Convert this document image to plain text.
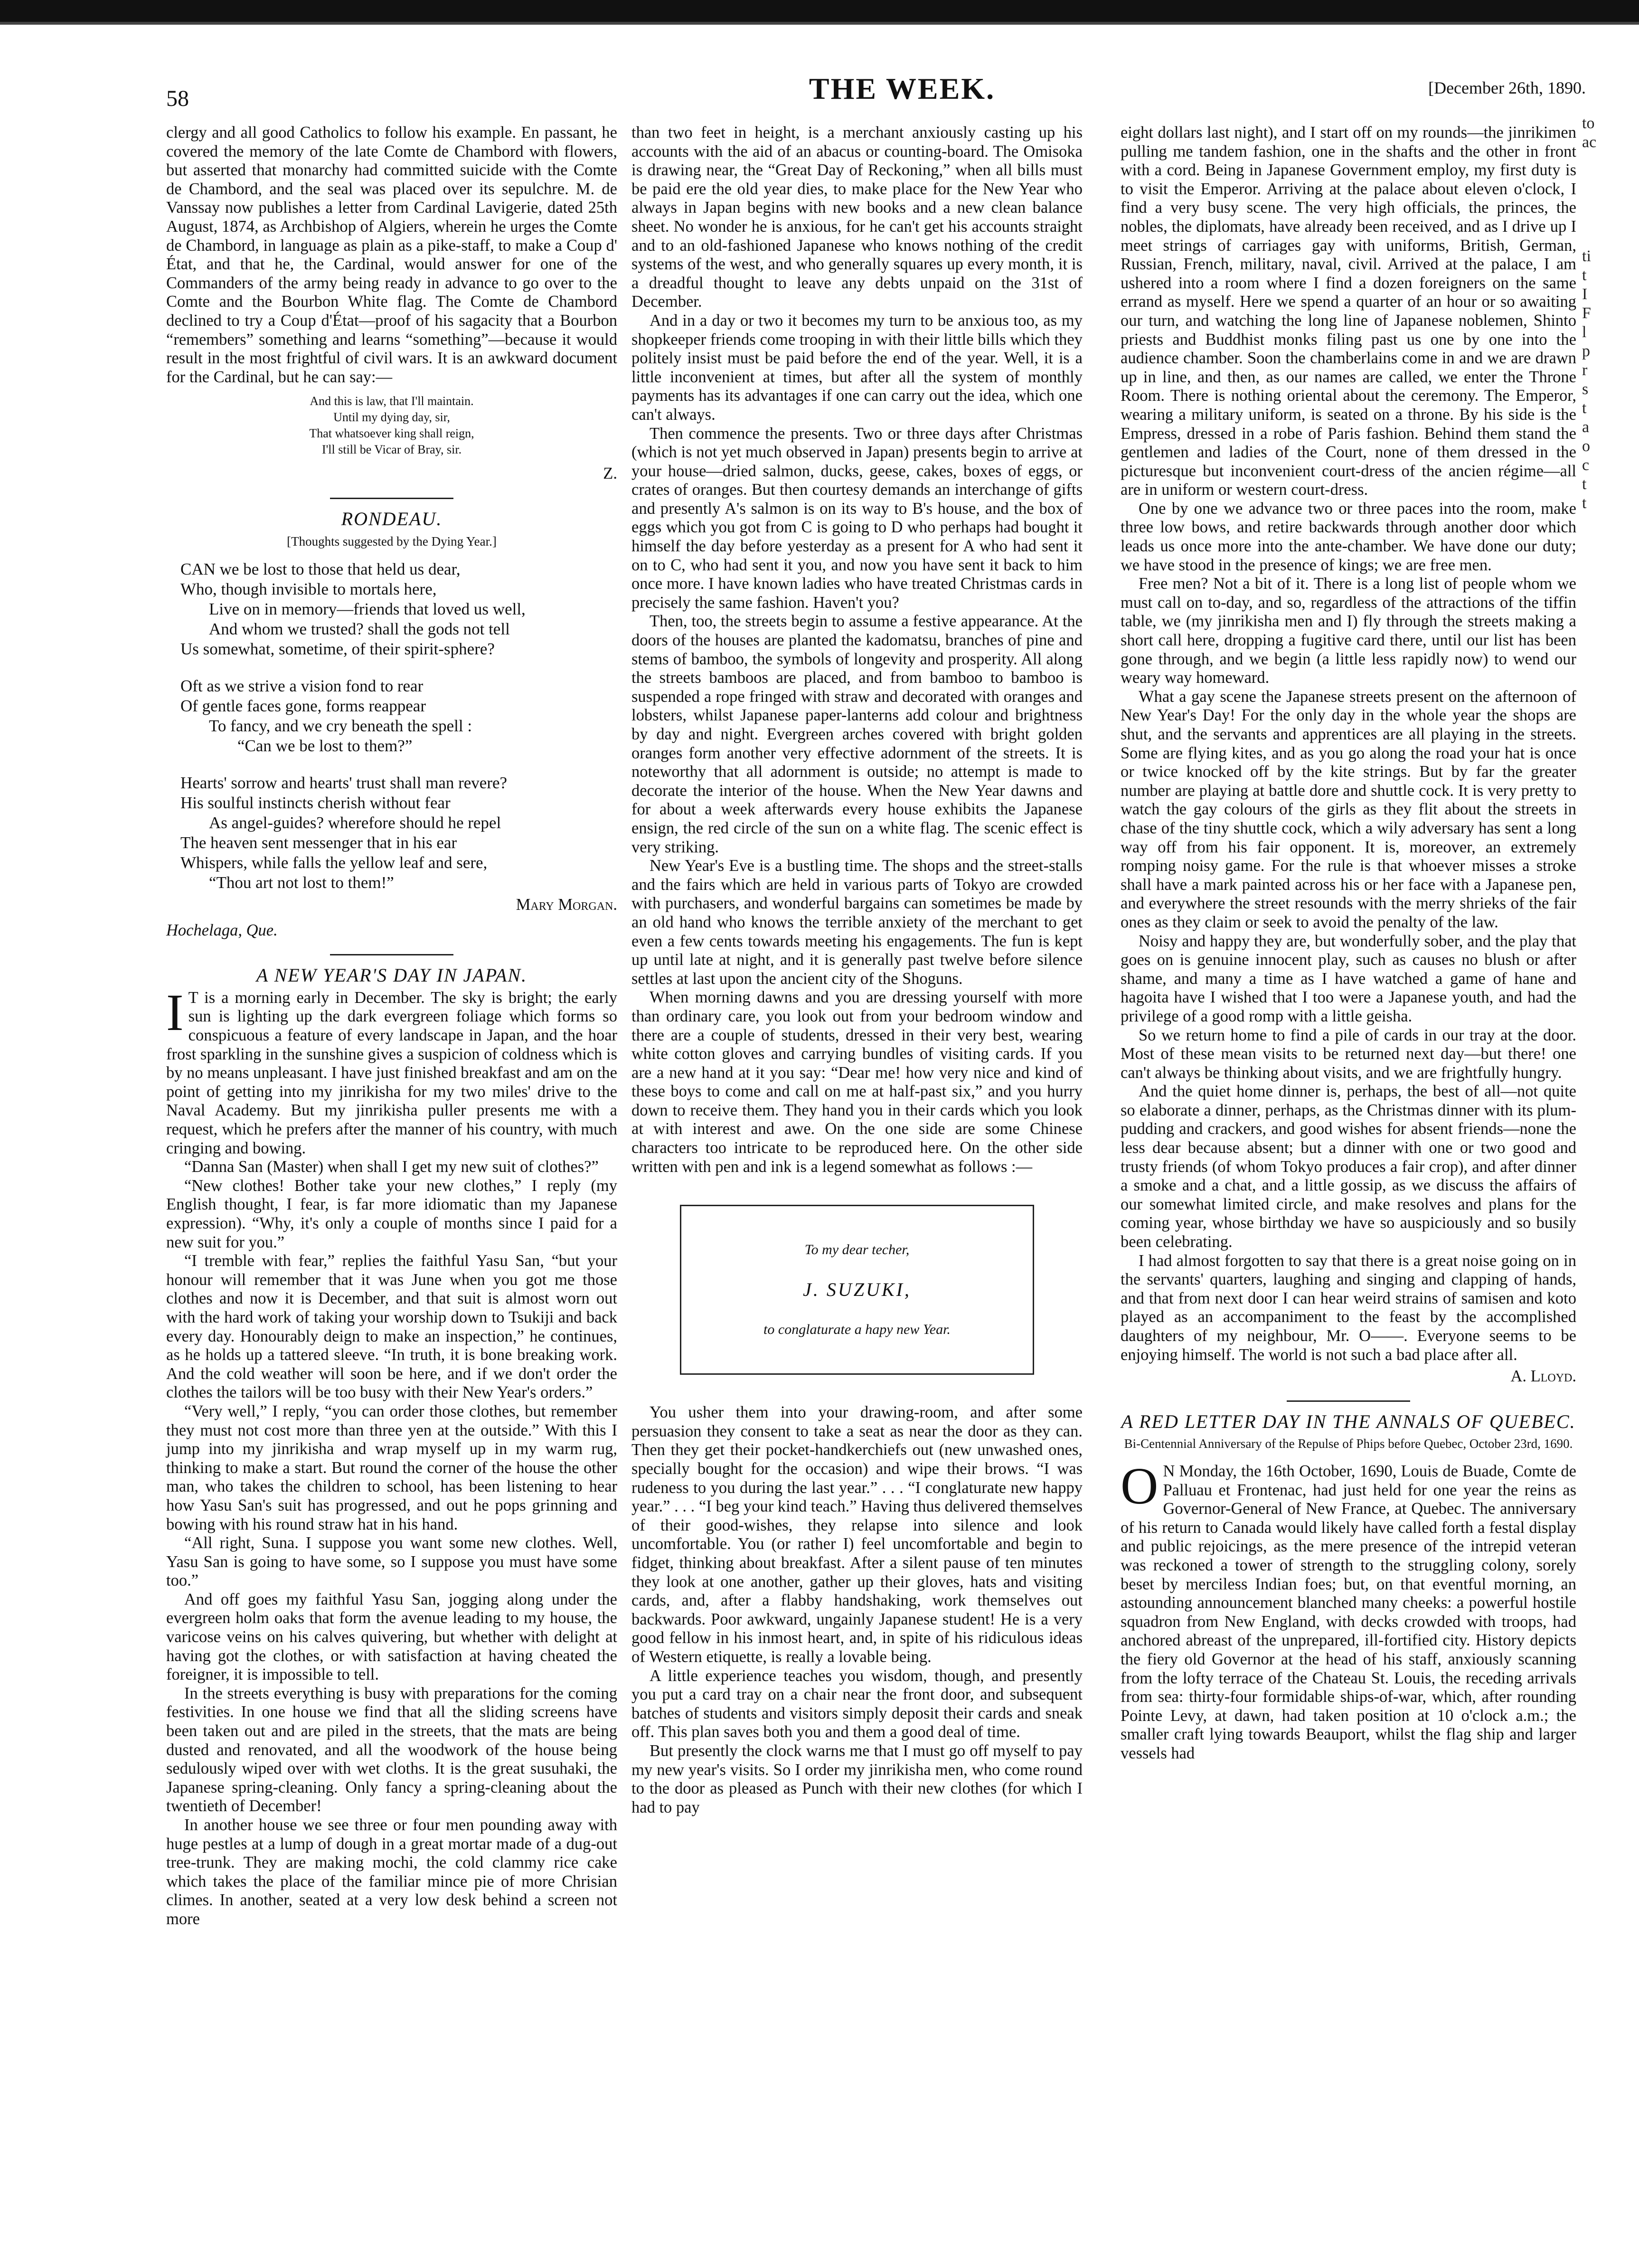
58	THE WEEK.	[December 26th, 1890.

clergy and all good Catholics to follow his example. En passant, he covered the memory of the late Comte de Chambord with flowers, but asserted that monarchy had committed suicide with the Comte de Chambord, and the seal was placed over its sepulchre. M. de Vanssay now publishes a letter from Cardinal Lavigerie, dated 25th August, 1874, as Archbishop of Algiers, wherein he urges the Comte de Chambord, in language as plain as a pike-staff, to make a Coup d' État, and that he, the Cardinal, would answer for one of the Commanders of the army being ready in advance to go over to the Comte and the Bourbon White flag. The Comte de Chambord declined to try a Coup d'État—proof of his sagacity that a Bourbon “remembers” something and learns “something”—because it would result in the most frightful of civil wars. It is an awkward document for the Cardinal, but he can say:—

And this is law, that I'll maintain.
Until my dying day, sir,
That whatsoever king shall reign,
I'll still be Vicar of Bray, sir.
Z.
RONDEAU.
[Thoughts suggested by the Dying Year.]
CAN we be lost to those that held us dear,
Who, though invisible to mortals here,
Live on in memory—friends that loved us well,
And whom we trusted? shall the gods not tell
Us somewhat, sometime, of their spirit-sphere?
Oft as we strive a vision fond to rear
Of gentle faces gone, forms reappear
To fancy, and we cry beneath the spell :
“Can we be lost to them?”
Hearts' sorrow and hearts' trust shall man revere?
His soulful instincts cherish without fear
As angel-guides? wherefore should he repel
The heaven sent messenger that in his ear
Whispers, while falls the yellow leaf and sere,
“Thou art not lost to them!”
Mary Morgan.
Hochelaga, Que.
A NEW YEAR'S DAY IN JAPAN.

I T is a morning early in December. The sky is bright; the early sun is lighting up the dark evergreen foliage which forms so conspicuous a feature of every landscape in Japan, and the hoar frost sparkling in the sunshine gives a suspicion of coldness which is by no means unpleasant. I have just finished breakfast and am on the point of getting into my jinrikisha for my two miles' drive to the Naval Academy. But my jinrikisha puller presents me with a request, which he prefers after the manner of his country, with much cringing and bowing.

“Danna San (Master) when shall I get my new suit of clothes?”

“New clothes! Bother take your new clothes,” I reply (my English thought, I fear, is far more idiomatic than my Japanese expression). “Why, it's only a couple of months since I paid for a new suit for you.”

“I tremble with fear,” replies the faithful Yasu San, “but your honour will remember that it was June when you got me those clothes and now it is December, and that suit is almost worn out with the hard work of taking your worship down to Tsukiji and back every day. Honourably deign to make an inspection,” he continues, as he holds up a tattered sleeve. “In truth, it is bone breaking work. And the cold weather will soon be here, and if we don't order the clothes the tailors will be too busy with their New Year's orders.”

“Very well,” I reply, “you can order those clothes, but remember they must not cost more than three yen at the outside.” With this I jump into my jinrikisha and wrap myself up in my warm rug, thinking to make a start. But round the corner of the house the other man, who takes the children to school, has been listening to hear how Yasu San's suit has progressed, and out he pops grinning and bowing with his round straw hat in his hand.

“All right, Suna. I suppose you want some new clothes. Well, Yasu San is going to have some, so I suppose you must have some too.”

And off goes my faithful Yasu San, jogging along under the evergreen holm oaks that form the avenue leading to my house, the varicose veins on his calves quivering, but whether with delight at having got the clothes, or with satisfaction at having cheated the foreigner, it is impossible to tell.

In the streets everything is busy with preparations for the coming festivities. In one house we find that all the sliding screens have been taken out and are piled in the streets, that the mats are being dusted and renovated, and all the woodwork of the house being sedulously wiped over with wet cloths. It is the great susuhaki, the Japanese spring-cleaning. Only fancy a spring-cleaning about the twentieth of December!

In another house we see three or four men pounding away with huge pestles at a lump of dough in a great mortar made of a dug-out tree-trunk. They are making mochi, the cold clammy rice cake which takes the place of the familiar mince pie of more Chrisian climes. In another, seated at a very low desk behind a screen not more

than two feet in height, is a merchant anxiously casting up his accounts with the aid of an abacus or counting-board. The Omisoka is drawing near, the “Great Day of Reckoning,” when all bills must be paid ere the old year dies, to make place for the New Year who always in Japan begins with new books and a new clean balance sheet. No wonder he is anxious, for he can't get his accounts straight and to an old-fashioned Japanese who knows nothing of the credit systems of the west, and who generally squares up every month, it is a dreadful thought to leave any debts unpaid on the 31st of December.

And in a day or two it becomes my turn to be anxious too, as my shopkeeper friends come trooping in with their little bills which they politely insist must be paid before the end of the year. Well, it is a little inconvenient at times, but after all the system of monthly payments has its advantages if one can carry out the idea, which one can't always.

Then commence the presents. Two or three days after Christmas (which is not yet much observed in Japan) presents begin to arrive at your house—dried salmon, ducks, geese, cakes, boxes of eggs, or crates of oranges. But then courtesy demands an interchange of gifts and presently A's salmon is on its way to B's house, and the box of eggs which you got from C is going to D who perhaps had bought it himself the day before yesterday as a present for A who had sent it on to C, who had sent it you, and now you have sent it back to him once more. I have known ladies who have treated Christmas cards in precisely the same fashion. Haven't you?

Then, too, the streets begin to assume a festive appearance. At the doors of the houses are planted the kadomatsu, branches of pine and stems of bamboo, the symbols of longevity and prosperity. All along the streets bamboos are placed, and from bamboo to bamboo is suspended a rope fringed with straw and decorated with oranges and lobsters, whilst Japanese paper-lanterns add colour and brightness by day and night. Evergreen arches covered with bright golden oranges form another very effective adornment of the streets. It is noteworthy that all adornment is outside; no attempt is made to decorate the interior of the house. When the New Year dawns and for about a week afterwards every house exhibits the Japanese ensign, the red circle of the sun on a white flag. The scenic effect is very striking.

New Year's Eve is a bustling time. The shops and the street-stalls and the fairs which are held in various parts of Tokyo are crowded with purchasers, and wonderful bargains can sometimes be made by an old hand who knows the terrible anxiety of the merchant to get even a few cents towards meeting his engagements. The fun is kept up until late at night, and it is generally past twelve before silence settles at last upon the ancient city of the Shoguns.

When morning dawns and you are dressing yourself with more than ordinary care, you look out from your bedroom window and there are a couple of students, dressed in their very best, wearing white cotton gloves and carrying bundles of visiting cards. If you are a new hand at it you say: “Dear me! how very nice and kind of these boys to come and call on me at half-past six,” and you hurry down to receive them. They hand you in their cards which you look at with interest and awe. On the one side are some Chinese characters too intricate to be reproduced here. On the other side written with pen and ink is a legend somewhat as follows :—

To my dear techer,
J. SUZUKI,
to conglaturate a hapy new Year.

You usher them into your drawing-room, and after some persuasion they consent to take a seat as near the door as they can. Then they get their pocket-handkerchiefs out (new unwashed ones, specially bought for the occasion) and wipe their brows. “I was rudeness to you during the last year.” . . . “I conglaturate new happy year.” . . . “I beg your kind teach.” Having thus delivered themselves of their good-wishes, they relapse into silence and look uncomfortable. You (or rather I) feel uncomfortable and begin to fidget, thinking about breakfast. After a silent pause of ten minutes they look at one another, gather up their gloves, hats and visiting cards, and, after a flabby handshaking, work themselves out backwards. Poor awkward, ungainly Japanese student! He is a very good fellow in his inmost heart, and, in spite of his ridiculous ideas of Western etiquette, is really a lovable being.

A little experience teaches you wisdom, though, and presently you put a card tray on a chair near the front door, and subsequent batches of students and visitors simply deposit their cards and sneak off. This plan saves both you and them a good deal of time.

But presently the clock warns me that I must go off myself to pay my new year's visits. So I order my jinrikisha men, who come round to the door as pleased as Punch with their new clothes (for which I had to pay

eight dollars last night), and I start off on my rounds—the jinrikimen pulling me tandem fashion, one in the shafts and the other in front with a cord. Being in Japanese Government employ, my first duty is to visit the Emperor. Arriving at the palace about eleven o'clock, I find a very busy scene. The very high officials, the princes, the nobles, the diplomats, have already been received, and as I drive up I meet strings of carriages gay with uniforms, British, German, Russian, French, military, naval, civil. Arrived at the palace, I am ushered into a room where I find a dozen foreigners on the same errand as myself. Here we spend a quarter of an hour or so awaiting our turn, and watching the long line of Japanese noblemen, Shinto priests and Buddhist monks filing past us one by one into the audience chamber. Soon the chamberlains come in and we are drawn up in line, and then, as our names are called, we enter the Throne Room. There is nothing oriental about the ceremony. The Emperor, wearing a military uniform, is seated on a throne. By his side is the Empress, dressed in a robe of Paris fashion. Behind them stand the gentlemen and ladies of the Court, none of them dressed in the picturesque but inconvenient court-dress of the ancien régime—all are in uniform or western court-dress.

One by one we advance two or three paces into the room, make three low bows, and retire backwards through another door which leads us once more into the ante-chamber. We have done our duty; we have stood in the presence of kings; we are free men.

Free men? Not a bit of it. There is a long list of people whom we must call on to-day, and so, regardless of the attractions of the tiffin table, we (my jinrikisha men and I) fly through the streets making a short call here, dropping a fugitive card there, until our list has been gone through, and we begin (a little less rapidly now) to wend our weary way homeward.

What a gay scene the Japanese streets present on the afternoon of New Year's Day! For the only day in the whole year the shops are shut, and the servants and apprentices are all playing in the streets. Some are flying kites, and as you go along the road your hat is once or twice knocked off by the kite strings. But by far the greater number are playing at battle dore and shuttle cock. It is very pretty to watch the gay colours of the girls as they flit about the streets in chase of the tiny shuttle cock, which a wily adversary has sent a long way off from his fair opponent. It is, moreover, an extremely romping noisy game. For the rule is that whoever misses a stroke shall have a mark painted across his or her face with a Japanese pen, and everywhere the street resounds with the merry shrieks of the fair ones as they claim or seek to avoid the penalty of the law.

Noisy and happy they are, but wonderfully sober, and the play that goes on is genuine innocent play, such as causes no blush or after shame, and many a time as I have watched a game of hane and hagoita have I wished that I too were a Japanese youth, and had the privilege of a good romp with a little geisha.

So we return home to find a pile of cards in our tray at the door. Most of these mean visits to be returned next day—but there! one can't always be thinking about visits, and we are frightfully hungry.

And the quiet home dinner is, perhaps, the best of all—not quite so elaborate a dinner, perhaps, as the Christmas dinner with its plum-pudding and crackers, and good wishes for absent friends—none the less dear because absent; but a dinner with one or two good and trusty friends (of whom Tokyo produces a fair crop), and after dinner a smoke and a chat, and a little gossip, as we discuss the affairs of our somewhat limited circle, and make resolves and plans for the coming year, whose birthday we have so auspiciously and so busily been celebrating.

I had almost forgotten to say that there is a great noise going on in the servants' quarters, laughing and singing and clapping of hands, and that from next door I can hear weird strains of samisen and koto played as an accompaniment to the feast by the accomplished daughters of my neighbour, Mr. O——. Everyone seems to be enjoying himself. The world is not such a bad place after all.

A. Lloyd.
A RED LETTER DAY IN THE ANNALS OF QUEBEC.
Bi-Centennial Anniversary of the Repulse of Phips before Quebec, October 23rd, 1690.

O N Monday, the 16th October, 1690, Louis de Buade, Comte de Palluau et Frontenac, had just held for one year the reins as Governor-General of New France, at Quebec. The anniversary of his return to Canada would likely have called forth a festal display and public rejoicings, as the mere presence of the intrepid veteran was reckoned a tower of strength to the struggling colony, sorely beset by merciless Indian foes; but, on that eventful morning, an astounding announcement blanched many cheeks: a powerful hostile squadron from New England, with decks crowded with troops, had anchored abreast of the unprepared, ill-fortified city. History depicts the fiery old Governor at the head of his staff, anxiously scanning from the lofty terrace of the Chateau St. Louis, the receding arrivals from sea: thirty-four formidable ships-of-war, which, after rounding Pointe Levy, at dawn, had taken position at 10 o'clock a.m.; the smaller craft lying towards Beauport, whilst the flag ship and larger vessels had

to
ac
ti
t
I
F
l
p
r
s
t
a
o
c
t
t
